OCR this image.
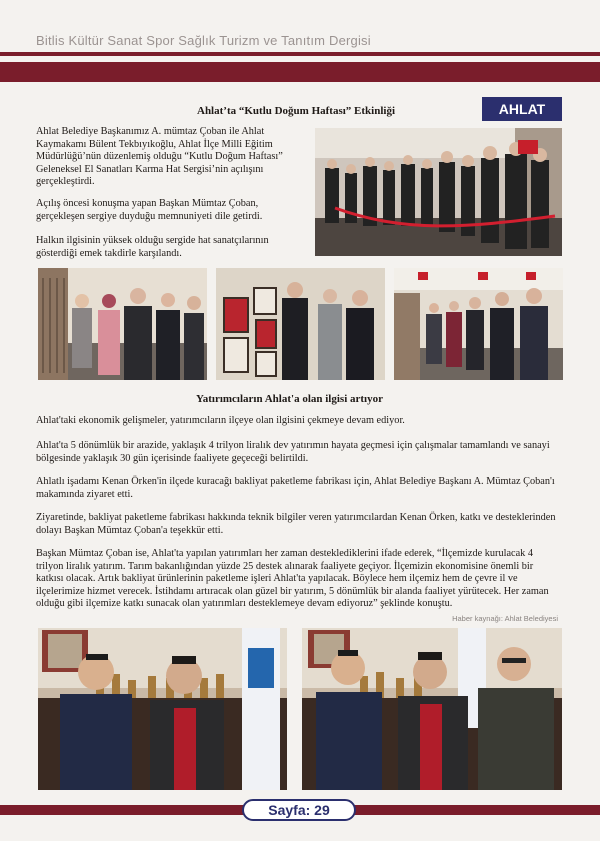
Bitlis Kültür Sanat Spor Sağlık Turizm ve Tanıtım Dergisi
AHLAT
Ahlat’ta “Kutlu Doğum Haftası” Etkinliği

Ahlat Belediye Başkanımız A. mümtaz Çoban ile Ahlat Kaymakamı Bülent Tekbıyıkoğlu, Ahlat İlçe Milli Eğitim Müdürlüğü’nün düzenlemiş olduğu “Kutlu Doğum Haftası” Geleneksel El Sanatları Karma Hat Sergisi’nin açılışını gerçekleştirdi.

Açılış öncesi konuşma yapan Başkan Mümtaz Çoban, gerçekleşen sergiye duyduğu memnuniyeti dile getirdi.

Halkın ilgisinin yüksek olduğu sergide hat sanatçılarının gösterdiği emek takdirle karşılandı.

Yatırımcıların Ahlat'a olan ilgisi artıyor

Ahlat'taki ekonomik gelişmeler, yatırımcıların ilçeye olan ilgisini çekmeye devam ediyor.

Ahlat'ta 5 dönümlük bir arazide, yaklaşık 4 trilyon liralık dev yatırımın hayata geçmesi için çalışmalar tamamlandı ve sanayi bölgesinde yaklaşık 30 gün içerisinde faaliyete geçeceği belirtildi.

Ahlatlı işadamı Kenan Örken'in ilçede kuracağı bakliyat paketleme fabrikası için, Ahlat Belediye Başkanı A. Mümtaz Çoban'ı makamında ziyaret etti.

Ziyaretinde, bakliyat paketleme fabrikası hakkında teknik bilgiler veren yatırımcılardan Kenan Örken, katkı ve desteklerinden dolayı Başkan Mümtaz Çoban'a teşekkür etti.

Başkan Mümtaz Çoban ise, Ahlat'ta yapılan yatırımları her zaman desteklediklerini ifade ederek, “İlçemizde kurulacak 4 trilyon liralık yatırım. Tarım bakanlığından yüzde 25 destek alınarak faaliyete geçiyor. İlçemizin ekonomisine önemli bir katkısı olacak. Artık bakliyat ürünlerinin paketleme işleri Ahlat'ta yapılacak. Böylece hem ilçemiz hem de çevre il ve ilçelerimize hizmet verecek. İstihdamı artıracak olan güzel bir yatırım, 5 dönümlük bir alanda faaliyet yürütecek. Her zaman olduğu gibi ilçemize katkı sunacak olan yatırımları desteklemeye devam ediyoruz” şeklinde konuştu.

Haber kaynağı: Ahlat Belediyesi
Sayfa: 29
